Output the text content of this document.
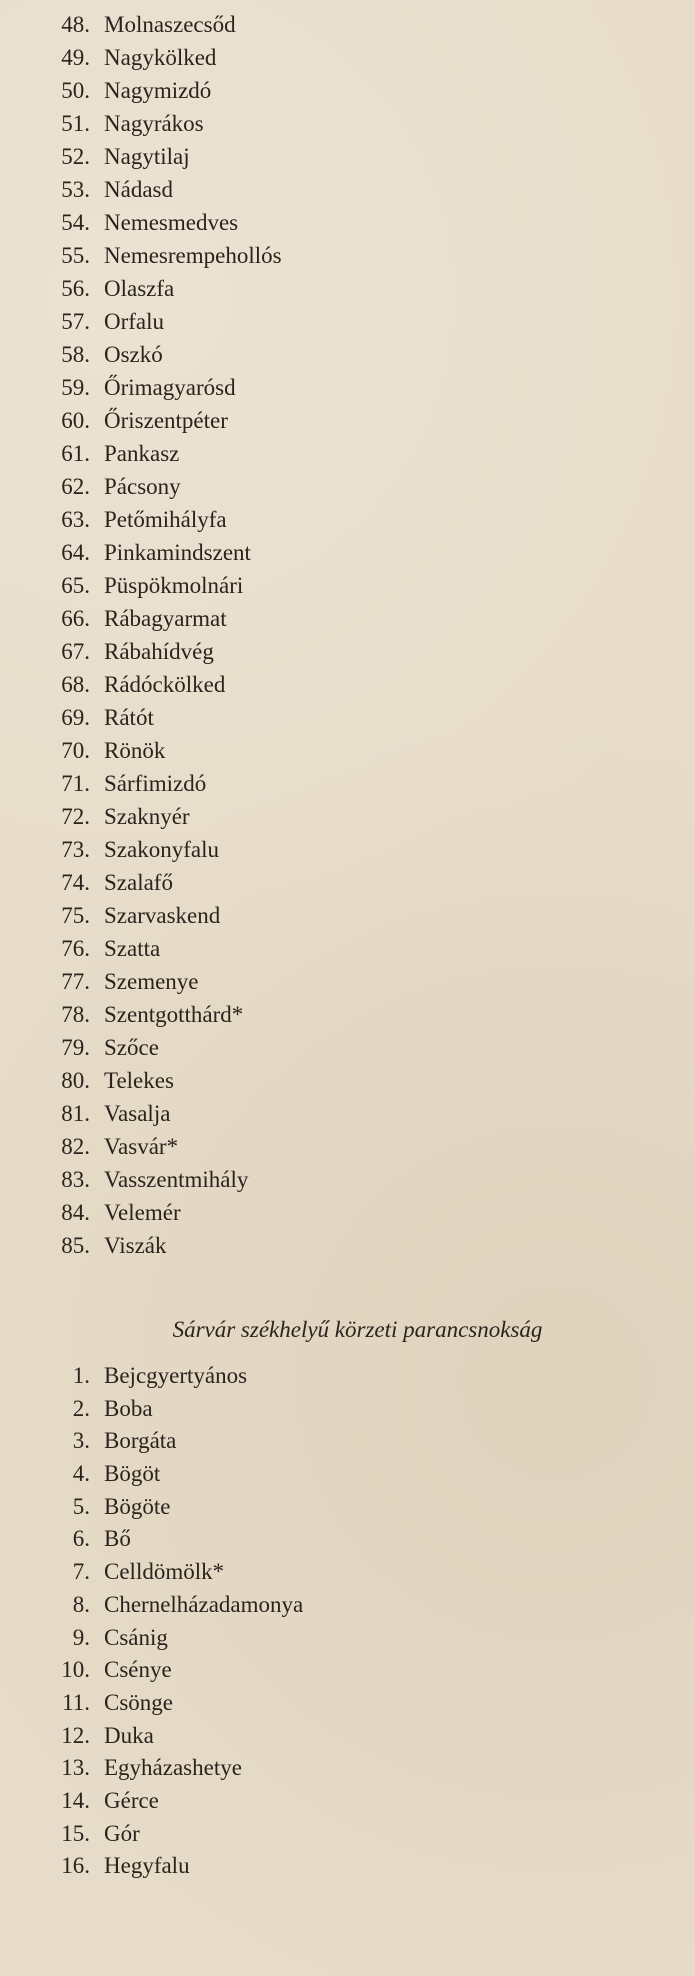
48. Molnaszecsőd
49. Nagykölked
50. Nagymizdó
51. Nagyrákos
52. Nagytilaj
53. Nádasd
54. Nemesmedves
55. Nemesrempehollós
56. Olaszfa
57. Orfalu
58. Oszkó
59. Őrimagyarósd
60. Őriszentpéter
61. Pankasz
62. Pácsony
63. Petőmihályfa
64. Pinkamindszent
65. Püspökmolnári
66. Rábagyarmat
67. Rábahídvég
68. Rádóckölked
69. Rátót
70. Rönök
71. Sárfimizdó
72. Szaknyér
73. Szakonyfalu
74. Szalafő
75. Szarvaskend
76. Szatta
77. Szemenye
78. Szentgotthárd*
79. Szőce
80. Telekes
81. Vasalja
82. Vasvár*
83. Vasszentmihály
84. Velemér
85. Viszák
Sárvár székhelyű körzeti parancsnokság
1. Bejcgyertyános
2. Boba
3. Borgáta
4. Bögöt
5. Bögöte
6. Bő
7. Celldömölk*
8. Chernelházadamonya
9. Csánig
10. Csénye
11. Csönge
12. Duka
13. Egyházashetye
14. Gérce
15. Gór
16. Hegyfalu
